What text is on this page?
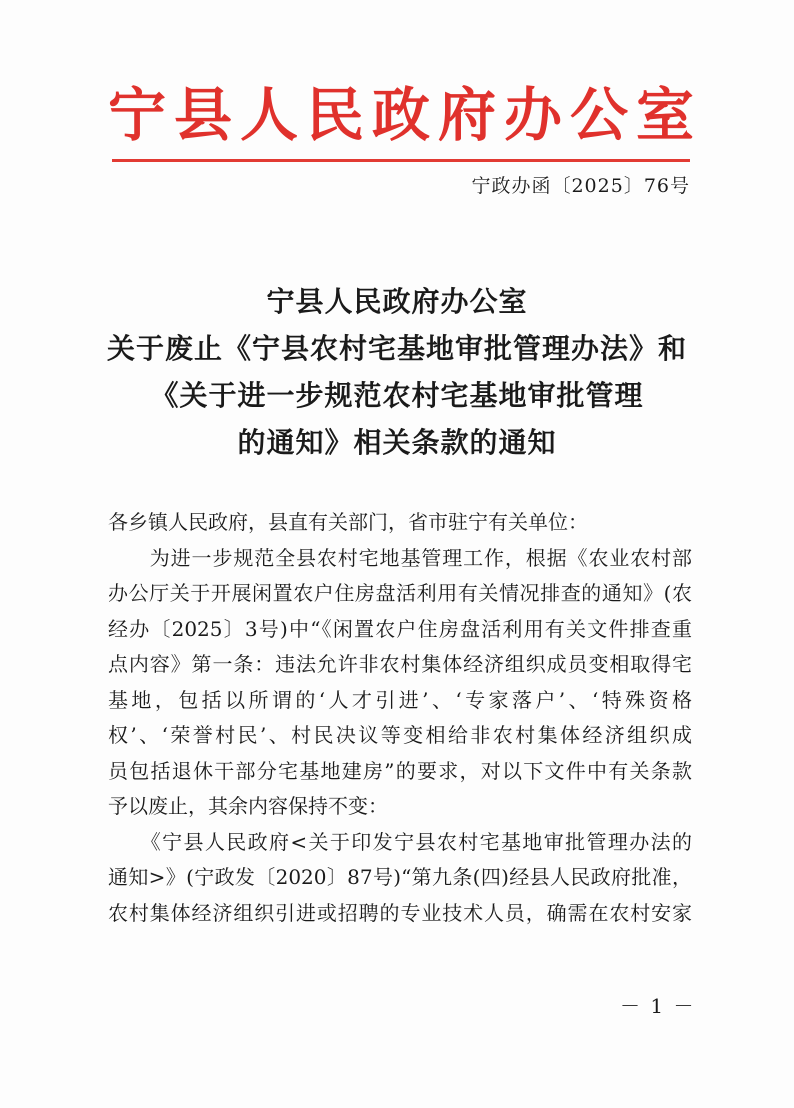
宁县人民政府办公室
宁政办函〔2025〕76号
宁县人民政府办公室
关于废止《宁县农村宅基地审批管理办法》和
《关于进一步规范农村宅基地审批管理
的通知》相关条款的通知
各乡镇人民政府，县直有关部门，省市驻宁有关单位：
　　为进一步规范全县农村宅地基管理工作，根据《农业农村部
办公厅关于开展闲置农户住房盘活利用有关情况排查的通知》(农
经办〔2025〕3号)中“《闲置农户住房盘活利用有关文件排查重
点内容》第一条：违法允许非农村集体经济组织成员变相取得宅
基地，包括以所谓的‘人才引进’、‘专家落户’、‘特殊资格
权’、‘荣誉村民’、村民决议等变相给非农村集体经济组织成
员包括退休干部分宅基地建房”的要求，对以下文件中有关条款
予以废止，其余内容保持不变：
　　《宁县人民政府<关于印发宁县农村宅基地审批管理办法的
通知>》(宁政发〔2020〕87号)“第九条(四)经县人民政府批准，
农村集体经济组织引进或招聘的专业技术人员，确需在农村安家
－ 1 －
